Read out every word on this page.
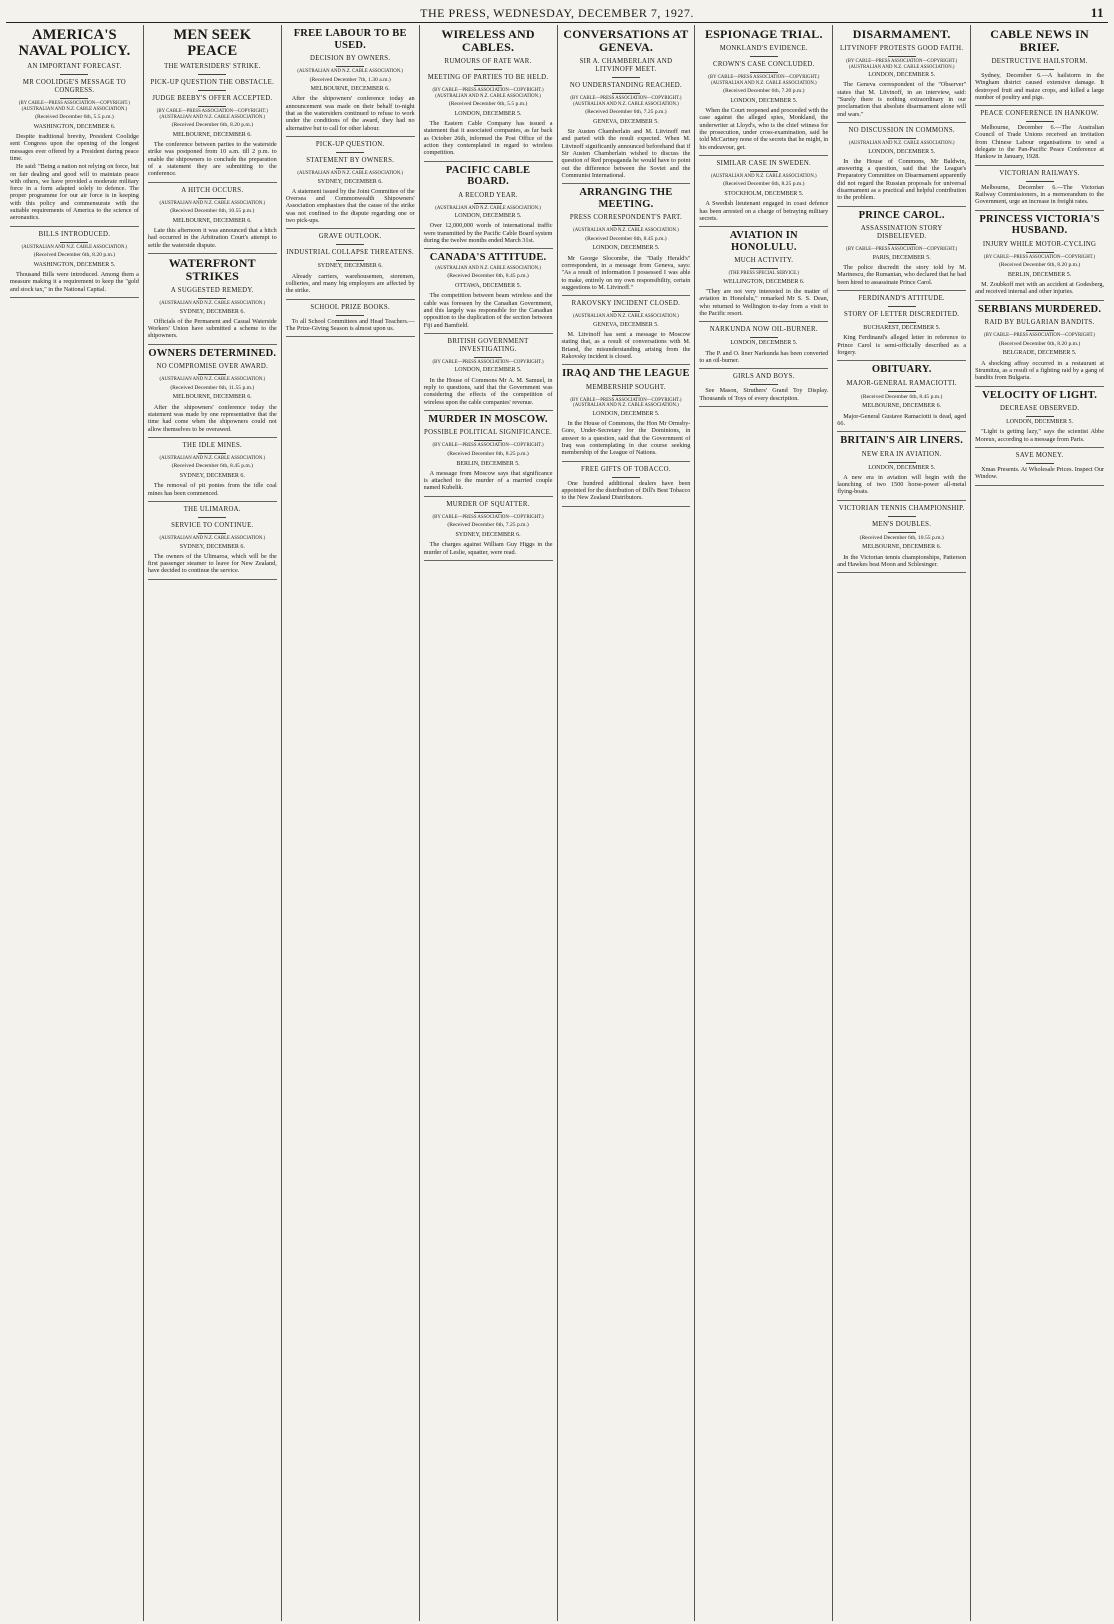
THE PRESS, WEDNESDAY, DECEMBER 7, 1927.	11
AMERICA'S NAVAL POLICY.
AN IMPORTANT FORECAST.
MR COOLIDGE'S MESSAGE TO CONGRESS.
(BY CABLE—PRESS ASSOCIATION—COPYRIGHT.) (AUSTRALIAN AND N.Z. CABLE ASSOCIATION.)
(Received December 6th, 5.5 p.m.)
WASHINGTON, DECEMBER 6.

Despite traditional brevity, President Coolidge sent Congress upon the opening of the longest messages ever offered by a President during peace time.

He said: "Being a nation not relying on force, but on fair dealing and good will to maintain peace with others, we have provided a moderate military force in a form adapted solely to defence. The proper programme for our air force is in keeping with this policy and commensurate with the suitable requirements of America to the science of aeronautics.

BILLS INTRODUCED.
(AUSTRALIAN AND N.Z. CABLE ASSOCIATION.)
(Received December 6th, 8.20 p.m.)
WASHINGTON, DECEMBER 5.

Thousand Bills were introduced. Among them a measure making it a requirement to keep the "gold and stock tax," in the National Capital.

MEN SEEK PEACE
THE WATERSIDERS' STRIKE.
PICK-UP QUESTION THE OBSTACLE.
JUDGE BEEBY'S OFFER ACCEPTED.
(BY CABLE—PRESS ASSOCIATION—COPYRIGHT.) (AUSTRALIAN AND N.Z. CABLE ASSOCIATION.)
(Received December 6th, 8.20 p.m.)
MELBOURNE, DECEMBER 6.

The conference between parties to the waterside strike was postponed from 10 a.m. till 2 p.m. to enable the shipowners to conclude the preparation of a statement they are submitting to the conference.

A HITCH OCCURS.
(AUSTRALIAN AND N.Z. CABLE ASSOCIATION.)
(Received December 6th, 10.55 p.m.)
MELBOURNE, DECEMBER 6.

Late this afternoon it was announced that a hitch had occurred in the Arbitration Court's attempt to settle the waterside dispute.

WATERFRONT STRIKES
A SUGGESTED REMEDY.
(AUSTRALIAN AND N.Z. CABLE ASSOCIATION.)
SYDNEY, DECEMBER 6.

Officials of the Permanent and Casual Waterside Workers' Union have submitted a scheme to the shipowners.

OWNERS DETERMINED.
NO COMPROMISE OVER AWARD.
(AUSTRALIAN AND N.Z. CABLE ASSOCIATION.)
(Received December 6th, 11.55 p.m.)
MELBOURNE, DECEMBER 6.

After the shipowners' conference today the statement was made by one representative that the time had come when the shipowners could not allow themselves to be overawed.

THE IDLE MINES.
(AUSTRALIAN AND N.Z. CABLE ASSOCIATION.)
(Received December 6th, 8.45 p.m.)
SYDNEY, DECEMBER 6.

The removal of pit ponies from the idle coal mines has been commenced.

THE ULIMAROA.
SERVICE TO CONTINUE.
(AUSTRALIAN AND N.Z. CABLE ASSOCIATION.)
SYDNEY, DECEMBER 6.

The owners of the Ulimaroa, which will be the first passenger steamer to leave for New Zealand, have decided to continue the service.

FREE LABOUR TO BE USED.
DECISION BY OWNERS.
(AUSTRALIAN AND N.Z. CABLE ASSOCIATION.)
(Received December 7th, 1.30 a.m.)
MELBOURNE, DECEMBER 6.

After the shipowners' conference today an announcement was made on their behalf to-night that as the watersiders continued to refuse to work under the conditions of the award, they had no alternative but to call for other labour.

PICK-UP QUESTION.
STATEMENT BY OWNERS.
(AUSTRALIAN AND N.Z. CABLE ASSOCIATION.)
SYDNEY, DECEMBER 6.

A statement issued by the Joint Committee of the Oversea and Commonwealth Shipowners' Association emphasises that the cause of the strike was not confined to the dispute regarding one or two pick-ups.

GRAVE OUTLOOK.
INDUSTRIAL COLLAPSE THREATENS.
SYDNEY, DECEMBER 6.

Already carriers, warehousemen, storemen, collieries, and many big employers are affected by the strike.

SCHOOL PRIZE BOOKS.

To all School Committees and Head Teachers.—The Prize-Giving Season is almost upon us.

WIRELESS AND CABLES.
RUMOURS OF RATE WAR.
MEETING OF PARTIES TO BE HELD.
(BY CABLE—PRESS ASSOCIATION—COPYRIGHT.) (AUSTRALIAN AND N.Z. CABLE ASSOCIATION.)
(Received December 6th, 5.5 p.m.)
LONDON, DECEMBER 5.

The Eastern Cable Company has issued a statement that it associated companies, as far back as October 26th, informed the Post Office of the action they contemplated in regard to wireless competition.

PACIFIC CABLE BOARD.
A RECORD YEAR.
(AUSTRALIAN AND N.Z. CABLE ASSOCIATION.)
LONDON, DECEMBER 5.

Over 12,000,000 words of international traffic were transmitted by the Pacific Cable Board system during the twelve months ended March 31st.

CANADA'S ATTITUDE.
(AUSTRALIAN AND N.Z. CABLE ASSOCIATION.)
(Received December 6th, 8.45 p.m.)
OTTAWA, DECEMBER 5.

The competition between beam wireless and the cable was foreseen by the Canadian Government, and this largely was responsible for the Canadian opposition to the duplication of the section between Fiji and Bamfield.

BRITISH GOVERNMENT INVESTIGATING.
(BY CABLE—PRESS ASSOCIATION—COPYRIGHT.)
LONDON, DECEMBER 5.

In the House of Commons Mr A. M. Samuel, in reply to questions, said that the Government was considering the effects of the competition of wireless upon the cable companies' revenue.

MURDER IN MOSCOW.
POSSIBLE POLITICAL SIGNIFICANCE.
(BY CABLE—PRESS ASSOCIATION—COPYRIGHT.)
(Received December 6th, 8.25 p.m.)
BERLIN, DECEMBER 5.

A message from Moscow says that significance is attached to the murder of a married couple named Kubelik.

MURDER OF SQUATTER.
(BY CABLE—PRESS ASSOCIATION—COPYRIGHT.)
(Received December 6th, 7.25 p.m.)
SYDNEY, DECEMBER 6.

The charges against William Guy Higgs in the murder of Leslie, squatter, were read.

CONVERSATIONS AT GENEVA.
SIR A. CHAMBERLAIN AND LITVINOFF MEET.
NO UNDERSTANDING REACHED.
(BY CABLE—PRESS ASSOCIATION—COPYRIGHT.) (AUSTRALIAN AND N.Z. CABLE ASSOCIATION.)
(Received December 6th, 7.25 p.m.)
GENEVA, DECEMBER 5.

Sir Austen Chamberlain and M. Litvinoff met and parted with the result expected. When M. Litvinoff significantly announced beforehand that if Sir Austen Chamberlain wished to discuss the question of Red propaganda he would have to point out the difference between the Soviet and the Communist International.

ARRANGING THE MEETING.
PRESS CORRESPONDENT'S PART.
(AUSTRALIAN AND N.Z. CABLE ASSOCIATION.)
(Received December 6th, 8.45 p.m.)
LONDON, DECEMBER 5.

Mr George Slocombe, the "Daily Herald's" correspondent, in a message from Geneva, says: "As a result of information I possessed I was able to make, entirely on my own responsibility, certain suggestions to M. Litvinoff."

RAKOVSKY INCIDENT CLOSED.
(AUSTRALIAN AND N.Z. CABLE ASSOCIATION.)
GENEVA, DECEMBER 5.

M. Litvinoff has sent a message to Moscow stating that, as a result of conversations with M. Briand, the misunderstanding arising from the Rakovsky incident is closed.

IRAQ AND THE LEAGUE
MEMBERSHIP SOUGHT.
(BY CABLE—PRESS ASSOCIATION—COPYRIGHT.) (AUSTRALIAN AND N.Z. CABLE ASSOCIATION.)
LONDON, DECEMBER 5.

In the House of Commons, the Hon Mr Ormsby-Gore, Under-Secretary for the Dominions, in answer to a question, said that the Government of Iraq was contemplating in due course seeking membership of the League of Nations.

FREE GIFTS OF TOBACCO.

One hundred additional dealers have been appointed for the distribution of Dill's Best Tobacco to the New Zealand Distributors.

ESPIONAGE TRIAL.
MONKLAND'S EVIDENCE.
CROWN'S CASE CONCLUDED.
(BY CABLE—PRESS ASSOCIATION—COPYRIGHT.) (AUSTRALIAN AND N.Z. CABLE ASSOCIATION.)
(Received December 6th, 7.20 p.m.)
LONDON, DECEMBER 5.

When the Court reopened and proceeded with the case against the alleged spies, Monkland, the underwriter at Lloyd's, who is the chief witness for the prosecution, under cross-examination, said he told McCartney none of the secrets that he might, in his endeavour, get.

SIMILAR CASE IN SWEDEN.
(AUSTRALIAN AND N.Z. CABLE ASSOCIATION.)
(Received December 6th, 8.25 p.m.)
STOCKHOLM, DECEMBER 5.

A Swedish lieutenant engaged in coast defence has been arrested on a charge of betraying military secrets.

AVIATION IN HONOLULU.
MUCH ACTIVITY.
(THE PRESS SPECIAL SERVICE.)
WELLINGTON, DECEMBER 6.

"They are not very interested in the matter of aviation in Honolulu," remarked Mr S. S. Dean, who returned to Wellington to-day from a visit to the Pacific resort.

NARKUNDA NOW OIL-BURNER.
LONDON, DECEMBER 5.

The P. and O. liner Narkunda has been converted to an oil-burner.

GIRLS AND BOYS.

See Mason, Struthers' Grand Toy Display. Thousands of Toys of every description.

DISARMAMENT.
LITVINOFF PROTESTS GOOD FAITH.
(BY CABLE—PRESS ASSOCIATION—COPYRIGHT.) (AUSTRALIAN AND N.Z. CABLE ASSOCIATION.)
LONDON, DECEMBER 5.

The Geneva correspondent of the "Observer" states that M. Litvinoff, in an interview, said: "Surely there is nothing extraordinary in our proclamation that absolute disarmament alone will end wars."

NO DISCUSSION IN COMMONS.
(AUSTRALIAN AND N.Z. CABLE ASSOCIATION.)
LONDON, DECEMBER 5.

In the House of Commons, Mr Baldwin, answering a question, said that the League's Preparatory Committee on Disarmament apparently did not regard the Russian proposals for universal disarmament as a practical and helpful contribution to the problem.

PRINCE CAROL.
ASSASSINATION STORY DISBELIEVED.
(BY CABLE—PRESS ASSOCIATION—COPYRIGHT.)
PARIS, DECEMBER 5.

The police discredit the story told by M. Marinescu, the Rumanian, who declared that he had been hired to assassinate Prince Carol.

FERDINAND'S ATTITUDE.
STORY OF LETTER DISCREDITED.
BUCHAREST, DECEMBER 5.

King Ferdinand's alleged letter in reference to Prince Carol is semi-officially described as a forgery.

OBITUARY.
MAJOR-GENERAL RAMACIOTTI.
(Received December 6th, 8.45 p.m.)
MELBOURNE, DECEMBER 6.

Major-General Gustave Ramaciotti is dead, aged 66.

BRITAIN'S AIR LINERS.
NEW ERA IN AVIATION.
LONDON, DECEMBER 5.

A new era in aviation will begin with the launching of two 1500 horse-power all-metal flying-boats.

VICTORIAN TENNIS CHAMPIONSHIP.
MEN'S DOUBLES.
(Received December 6th, 10.55 p.m.)
MELBOURNE, DECEMBER 6.

In the Victorian tennis championships, Patterson and Hawkes beat Moon and Schlesinger.

CABLE NEWS IN BRIEF.
DESTRUCTIVE HAILSTORM.

Sydney, December 6.—A hailstorm in the Wingham district caused extensive damage. It destroyed fruit and maize crops, and killed a large number of poultry and pigs.

PEACE CONFERENCE IN HANKOW.

Melbourne, December 6.—The Australian Council of Trade Unions received an invitation from Chinese Labour organisations to send a delegate to the Pan-Pacific Peace Conference at Hankow in January, 1928.

VICTORIAN RAILWAYS.

Melbourne, December 6.—The Victorian Railway Commissioners, in a memorandum to the Government, urge an increase in freight rates.

PRINCESS VICTORIA'S HUSBAND.
INJURY WHILE MOTOR-CYCLING
(BY CABLE—PRESS ASSOCIATION—COPYRIGHT.)
(Received December 6th, 8.20 p.m.)
BERLIN, DECEMBER 5.

M. Zoubkoff met with an accident at Godesberg, and received internal and other injuries.

SERBIANS MURDERED.
RAID BY BULGARIAN BANDITS.
(BY CABLE—PRESS ASSOCIATION—COPYRIGHT.)
(Received December 6th, 8.20 p.m.)
BELGRADE, DECEMBER 5.

A shocking affray occurred in a restaurant at Strumitza, as a result of a fighting raid by a gang of bandits from Bulgaria.

VELOCITY OF LIGHT.
DECREASE OBSERVED.
LONDON, DECEMBER 5.

"Light is getting lazy," says the scientist Abbe Moreux, according to a message from Paris.

SAVE MONEY.

Xmas Presents. At Wholesale Prices. Inspect Our Window.
